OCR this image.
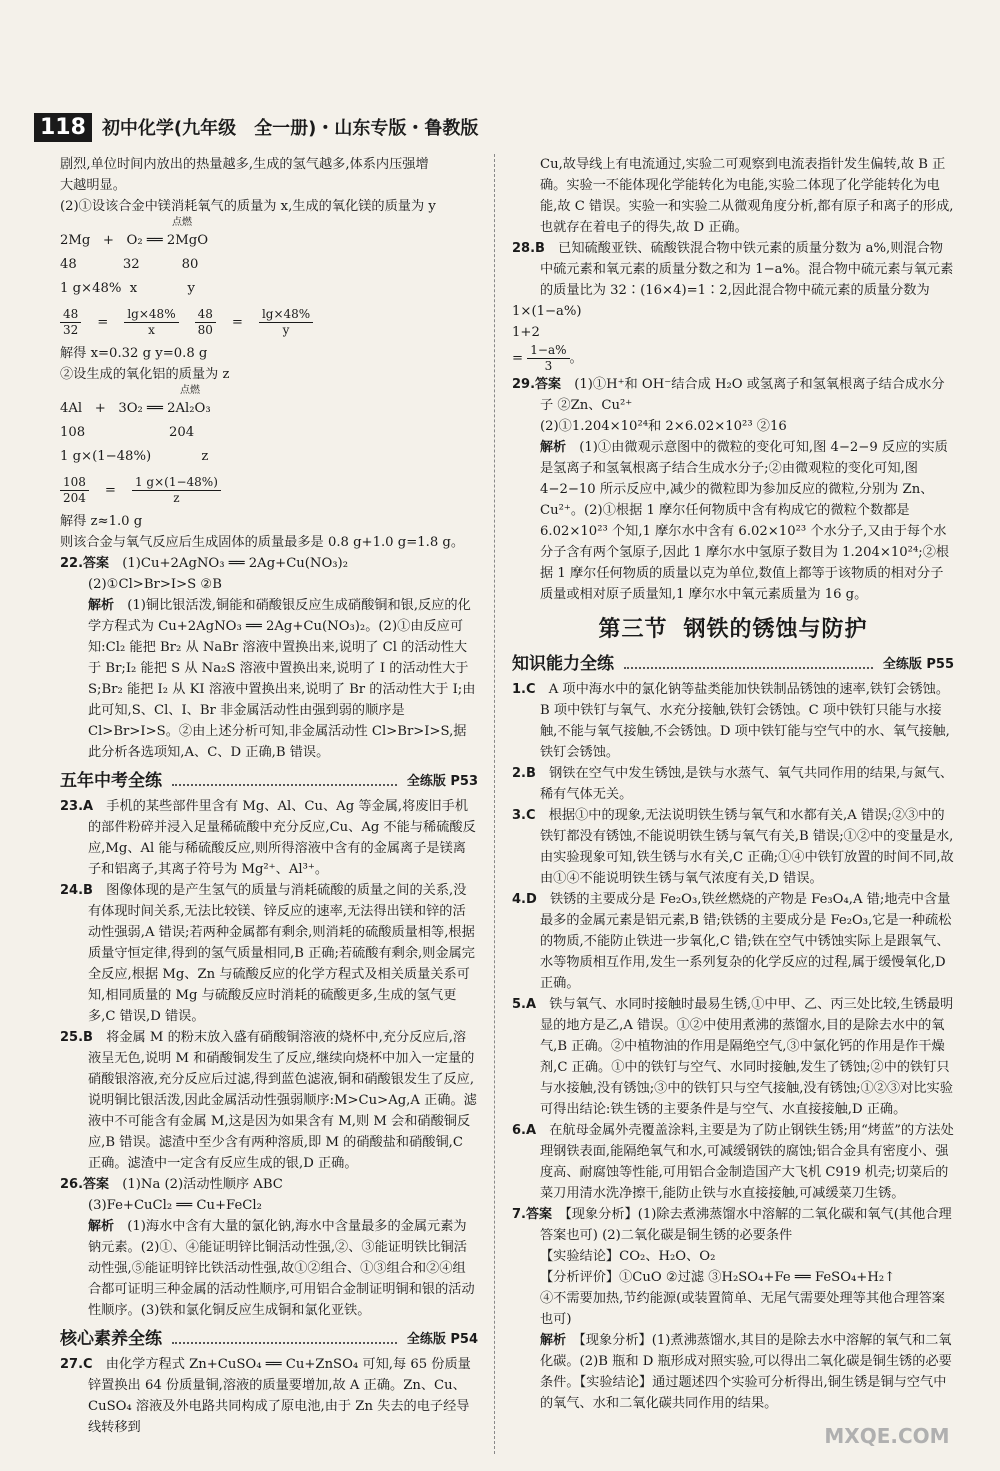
118 初中化学(九年级　全一册)・山东专版・鲁教版

剧烈,单位时间内放出的热量越多,生成的氢气越多,体系内压强增

大越明显。

(2)①设该合金中镁消耗氧气的质量为 x,生成的氧化镁的质量为 y

点燃

2Mg   +   O₂ ══ 2MgO

48           32          80

1 g×48%  x            y

$\frac{48}{32} = \frac{\lg\times 48\%}{x} \frac{48}{80} = \frac{\lg\times 48\%}{y}$

解得 x=0.32 g y=0.8 g

②设生成的氧化铝的质量为 z

点燃

4Al   +   3O₂ ══ 2Al₂O₃

108                    204

1 g×(1−48%)            z

$\frac{108}{204} = \frac{1 g\times(1-48\%)}{z}$

解得 z≈1.0 g

则该合金与氧气反应后生成固体的质量最多是 0.8 g+1.0 g=1.8 g。

22.答案　 (1)Cu+2AgNO₃ ══ 2Ag+Cu(NO₃)₂

(2)①Cl>Br>I>S ②B

解析　 (1)铜比银活泼,铜能和硝酸银反应生成硝酸铜和银,反应的化学方程式为 Cu+2AgNO₃ ══ 2Ag+Cu(NO₃)₂。(2)①由反应可知:Cl₂ 能把 Br₂ 从 NaBr 溶液中置换出来,说明了 Cl 的活动性大于 Br;I₂ 能把 S 从 Na₂S 溶液中置换出来,说明了 I 的活动性大于 S;Br₂ 能把 I₂ 从 KI 溶液中置换出来,说明了 Br 的活动性大于 I;由此可知,S、Cl、I、Br 非金属活动性由强到弱的顺序是 Cl>Br>I>S。②由上述分析可知,非金属活动性 Cl>Br>I>S,据此分析各选项知,A、C、D 正确,B 错误。

五年中考全练	全练版 P53

23.A　 手机的某些部件里含有 Mg、Al、Cu、Ag 等金属,将废旧手机的部件粉碎并浸入足量稀硫酸中充分反应,Cu、Ag 不能与稀硫酸反应,Mg、Al 能与稀硫酸反应,则所得溶液中含有的金属离子是镁离子和铝离子,其离子符号为 Mg²⁺、Al³⁺。

24.B　 图像体现的是产生氢气的质量与消耗硫酸的质量之间的关系,没有体现时间关系,无法比较镁、锌反应的速率,无法得出镁和锌的活动性强弱,A 错误;若两种金属都有剩余,则消耗的硫酸质量相等,根据质量守恒定律,得到的氢气质量相同,B 正确;若硫酸有剩余,则金属完全反应,根据 Mg、Zn 与硫酸反应的化学方程式及相关质量关系可知,相同质量的 Mg 与硫酸反应时消耗的硫酸更多,生成的氢气更多,C 错误,D 错误。

25.B　 将金属 M 的粉末放入盛有硝酸铜溶液的烧杯中,充分反应后,溶液呈无色,说明 M 和硝酸铜发生了反应,继续向烧杯中加入一定量的硝酸银溶液,充分反应后过滤,得到蓝色滤液,铜和硝酸银发生了反应,说明铜比银活泼,因此金属活动性强弱顺序:M>Cu>Ag,A 正确。滤液中不可能含有金属 M,这是因为如果含有 M,则 M 会和硝酸铜反应,B 错误。滤渣中至少含有两种溶质,即 M 的硝酸盐和硝酸铜,C 正确。滤渣中一定含有反应生成的银,D 正确。

26.答案　 (1)Na (2)活动性顺序 ABC

(3)Fe+CuCl₂ ══ Cu+FeCl₂

解析　 (1)海水中含有大量的氯化钠,海水中含量最多的金属元素为钠元素。(2)①、④能证明锌比铜活动性强,②、③能证明铁比铜活动性强,⑤能证明锌比铁活动性强,故①②组合、①③组合和②④组合都可证明三种金属的活动性顺序,可用铝合金制证明铜和银的活动性顺序。(3)铁和氯化铜反应生成铜和氯化亚铁。

核心素养全练	全练版 P54

27.C　 由化学方程式 Zn+CuSO₄ ══ Cu+ZnSO₄ 可知,每 65 份质量锌置换出 64 份质量铜,溶液的质量要增加,故 A 正确。Zn、Cu、CuSO₄ 溶液及外电路共同构成了原电池,由于 Zn 失去的电子经导线转移到

Cu,故导线上有电流通过,实验二可观察到电流表指针发生偏转,故 B 正确。实验一不能体现化学能转化为电能,实验二体现了化学能转化为电能,故 C 错误。实验一和实验二从微观角度分析,都有原子和离子的形成,也就存在着电子的得失,故 D 正确。

28.B　 已知硫酸亚铁、硫酸铁混合物中铁元素的质量分数为 a%,则混合物中硫元素和氧元素的质量分数之和为 1−a%。混合物中硫元素与氧元素的质量比为 32∶(16×4)=1∶2,因此混合物中硫元素的质量分数为

1×(1−a%)
1+2
= $\frac{1-a\%}{3}$ 。

29.答案　 (1)①H⁺和 OH⁻结合成 H₂O 或氢离子和氢氧根离子结合成水分子 ②Zn、Cu²⁺

(2)①1.204×10²⁴和 2×6.02×10²³ ②16

解析　 (1)①由微观示意图中的微粒的变化可知,图 4−2−9 反应的实质是氢离子和氢氧根离子结合生成水分子;②由微观粒的变化可知,图 4−2−10 所示反应中,减少的微粒即为参加反应的微粒,分别为 Zn、Cu²⁺。(2)①根据 1 摩尔任何物质中含有构成它的微粒个数都是 6.02×10²³ 个知,1 摩尔水中含有 6.02×10²³ 个水分子,又由于每个水分子含有两个氢原子,因此 1 摩尔水中氢原子数目为 1.204×10²⁴;②根据 1 摩尔任何物质的质量以克为单位,数值上都等于该物质的相对分子质量或相对原子质量知,1 摩尔水中氧元素质量为 16 g。

第三节 钢铁的锈蚀与防护
知识能力全练	全练版 P55

1.C　 A 项中海水中的氯化钠等盐类能加快铁制品锈蚀的速率,铁钉会锈蚀。B 项中铁钉与氧气、水充分接触,铁钉会锈蚀。C 项中铁钉只能与水接触,不能与氧气接触,不会锈蚀。D 项中铁钉能与空气中的水、氧气接触,铁钉会锈蚀。

2.B　 钢铁在空气中发生锈蚀,是铁与水蒸气、氧气共同作用的结果,与氮气、稀有气体无关。

3.C　 根据①中的现象,无法说明铁生锈与氧气和水都有关,A 错误;②③中的铁钉都没有锈蚀,不能说明铁生锈与氧气有关,B 错误;①②中的变量是水,由实验现象可知,铁生锈与水有关,C 正确;①④中铁钉放置的时间不同,故由①④不能说明铁生锈与氧气浓度有关,D 错误。

4.D　 铁锈的主要成分是 Fe₂O₃,铁丝燃烧的产物是 Fe₃O₄,A 错;地壳中含量最多的金属元素是铝元素,B 错;铁锈的主要成分是 Fe₂O₃,它是一种疏松的物质,不能防止铁进一步氧化,C 错;铁在空气中锈蚀实际上是跟氧气、水等物质相互作用,发生一系列复杂的化学反应的过程,属于缓慢氧化,D 正确。

5.A　 铁与氧气、水同时接触时最易生锈,①中甲、乙、丙三处比较,生锈最明显的地方是乙,A 错误。①②中使用煮沸的蒸馏水,目的是除去水中的氧气,B 正确。②中植物油的作用是隔绝空气,③中氯化钙的作用是作干燥剂,C 正确。①中的铁钉与空气、水同时接触,发生了锈蚀;②中的铁钉只与水接触,没有锈蚀;③中的铁钉只与空气接触,没有锈蚀;①②③对比实验可得出结论:铁生锈的主要条件是与空气、水直接接触,D 正确。

6.A　 在航母金属外壳覆盖涂料,主要是为了防止钢铁生锈;用“烤蓝”的方法处理钢铁表面,能隔绝氧气和水,可减缓钢铁的腐蚀;铝合金具有密度小、强度高、耐腐蚀等性能,可用铝合金制造国产大飞机 C919 机壳;切菜后的菜刀用清水洗净擦干,能防止铁与水直接接触,可减缓菜刀生锈。

7.答案　 【现象分析】(1)除去煮沸蒸馏水中溶解的二氧化碳和氧气(其他合理答案也可) (2)二氧化碳是铜生锈的必要条件

【实验结论】CO₂、H₂O、O₂

【分析评价】①CuO ②过滤 ③H₂SO₄+Fe ══ FeSO₄+H₂↑

④不需要加热,节约能源(或装置简单、无尾气需要处理等其他合理答案也可)

解析　 【现象分析】(1)煮沸蒸馏水,其目的是除去水中溶解的氧气和二氧化碳。(2)B 瓶和 D 瓶形成对照实验,可以得出二氧化碳是铜生锈的必要条件。【实验结论】通过题述四个实验可分析得出,铜生锈是铜与空气中的氧气、水和二氧化碳共同作用的结果。

MXQE.COM
